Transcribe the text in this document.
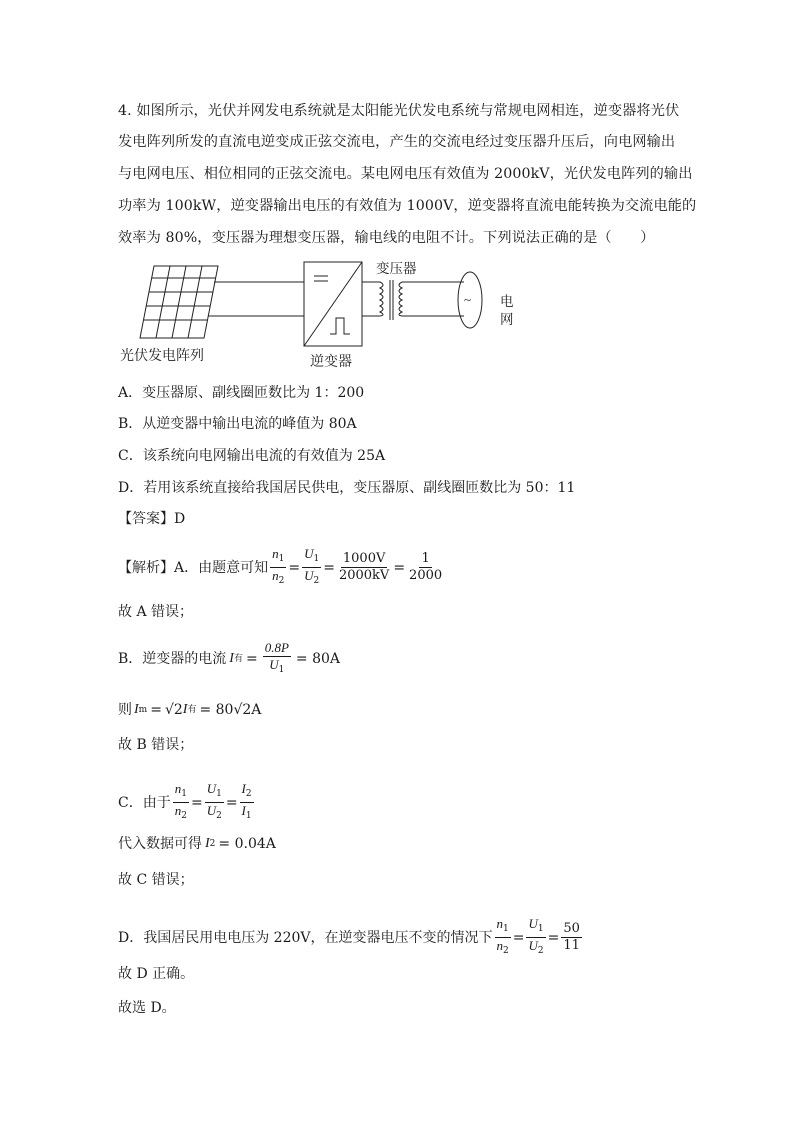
4. 如图所示，光伏并网发电系统就是太阳能光伏发电系统与常规电网相连，逆变器将光伏
发电阵列所发的直流电逆变成正弦交流电，产生的交流电经过变压器升压后，向电网输出
与电网电压、相位相同的正弦交流电。某电网电压有效值为 2000kV，光伏发电阵列的输出
功率为 100kW，逆变器输出电压的有效值为 1000V，逆变器将直流电能转换为交流电能的
效率为 80%，变压器为理想变压器，输电线的电阻不计。下列说法正确的是（　　）
~
变压器
电
网
光伏发电阵列	逆变器
A．变压器原、副线圈匝数比为 1：200
B．从逆变器中输出电流的峰值为 80A
C．该系统向电网输出电流的有效值为 25A
D．若用该系统直接给我国居民供电，变压器原、副线圈匝数比为 50：11
【答案】D
【解析】A．由题意可知 $\frac{n_1}{n_2} = \frac{U_1}{U_2} = \frac{1000V}{2000kV} = \frac{1}{2000}$
故 A 错误；
B．逆变器的电流 I 有 = $\frac{0.8P}{U_1} = 80A$
则 I m = √2 I 有 = 80√2A
故 B 错误；
C．由于 $\frac{n_1}{n_2} = \frac{U_1}{U_2} = \frac{I_2}{I_1}$
代入数据可得 I 2 = 0.04A
故 C 错误；
D．我国居民用电电压为 220V，在逆变器电压不变的情况下 $\frac{n_1}{n_2} = \frac{U_1}{U_2} = \frac{50}{11}$
故 D 正确。
故选 D。
